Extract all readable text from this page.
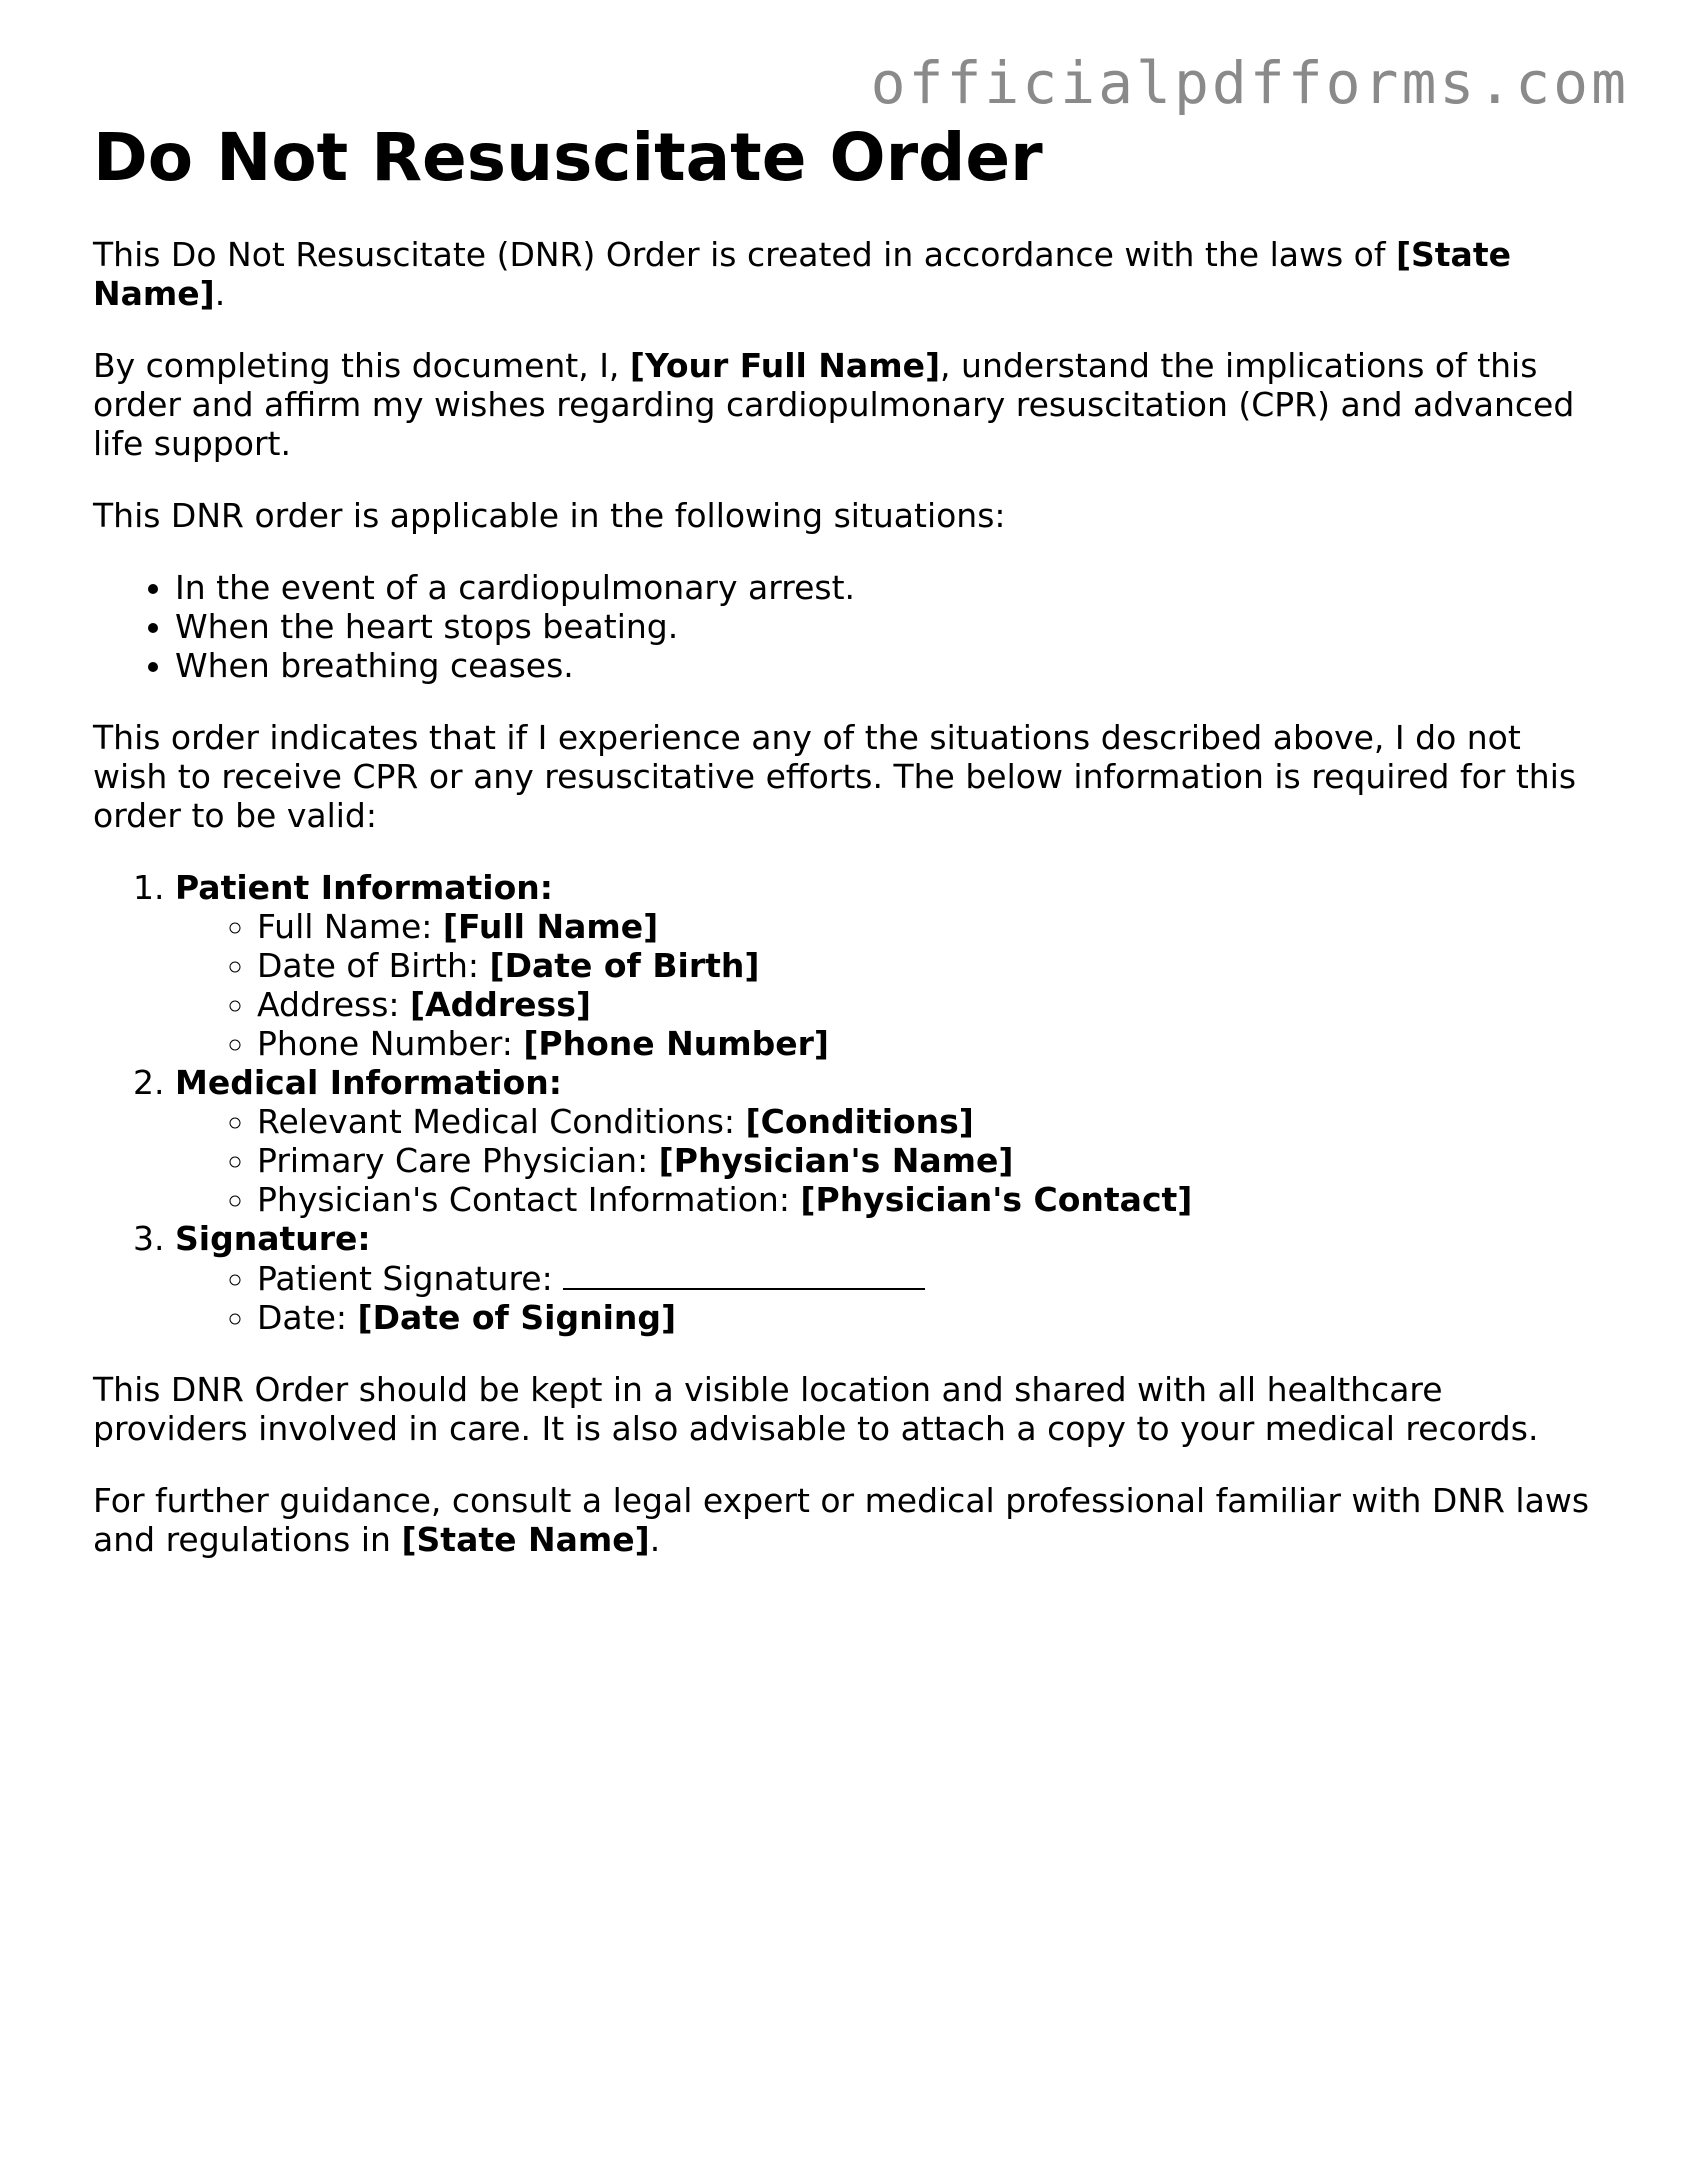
officialpdfforms.com
Do Not Resuscitate Order

This Do Not Resuscitate (DNR) Order is created in accordance with the laws of [State Name].

By completing this document, I, [Your Full Name], understand the implications of this order and affirm my wishes regarding cardiopulmonary resuscitation (CPR) and advanced life support.

This DNR order is applicable in the following situations:

• In the event of a cardiopulmonary arrest.
• When the heart stops beating.
• When breathing ceases.

This order indicates that if I experience any of the situations described above, I do not wish to receive CPR or any resuscitative efforts. The below information is required for this order to be valid:

1. Patient Information:
◦ Full Name: [Full Name]
◦ Date of Birth: [Date of Birth]
◦ Address: [Address]
◦ Phone Number: [Phone Number]
2. Medical Information:
◦ Relevant Medical Conditions: [Conditions]
◦ Primary Care Physician: [Physician's Name]
◦ Physician's Contact Information: [Physician's Contact]
3. Signature:
◦ Patient Signature:
◦ Date: [Date of Signing]

This DNR Order should be kept in a visible location and shared with all healthcare providers involved in care. It is also advisable to attach a copy to your medical records.

For further guidance, consult a legal expert or medical professional familiar with DNR laws and regulations in [State Name].
